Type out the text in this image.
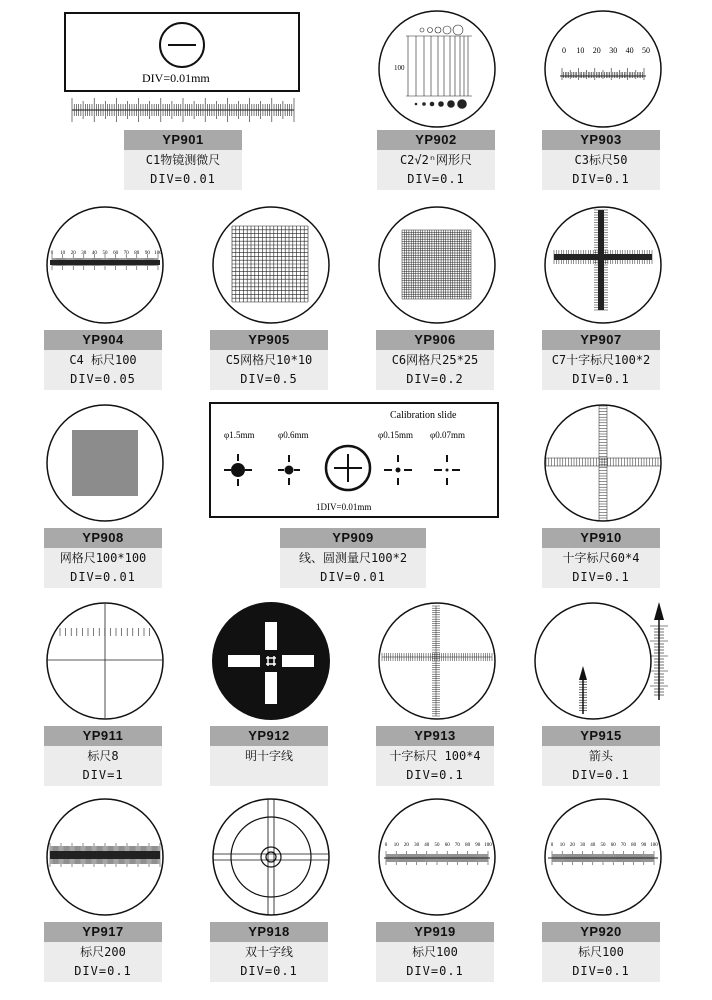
DIV=0.01mm
100
0 10 20 30 40 50
YP901
C1物镜测微尺
DIV=0.01
YP902
C2√2ⁿ网形尺
DIV=0.1
YP903
C3标尺50
DIV=0.1
0 10 20 30 40 50 60 70 80 90 100
YP904
C4 标尺100
DIV=0.05
YP905
C5网格尺10*10
DIV=0.5
YP906
C6网格尺25*25
DIV=0.2
YP907
C7十字标尺100*2
DIV=0.1
Calibration slide
φ1.5mm	φ0.6mm	φ0.15mm φ0.07mm
1DIV=0.01mm
YP908
网格尺100*100
DIV=0.01
YP909
线、圆测量尺100*2
DIV=0.01
YP910
十字标尺60*4
DIV=0.1
YP911
标尺8
DIV=1
YP912
明十字线
YP913
十字标尺 100*4
DIV=0.1
YP915
箭头
DIV=0.1
0 10 20 30 40 50 60 70 80 90 100	0 10 20 30 40 50 60 70 80 90 100
YP917
标尺200
DIV=0.1
YP918
双十字线
DIV=0.1
YP919
标尺100
DIV=0.1
YP920
标尺100
DIV=0.1
